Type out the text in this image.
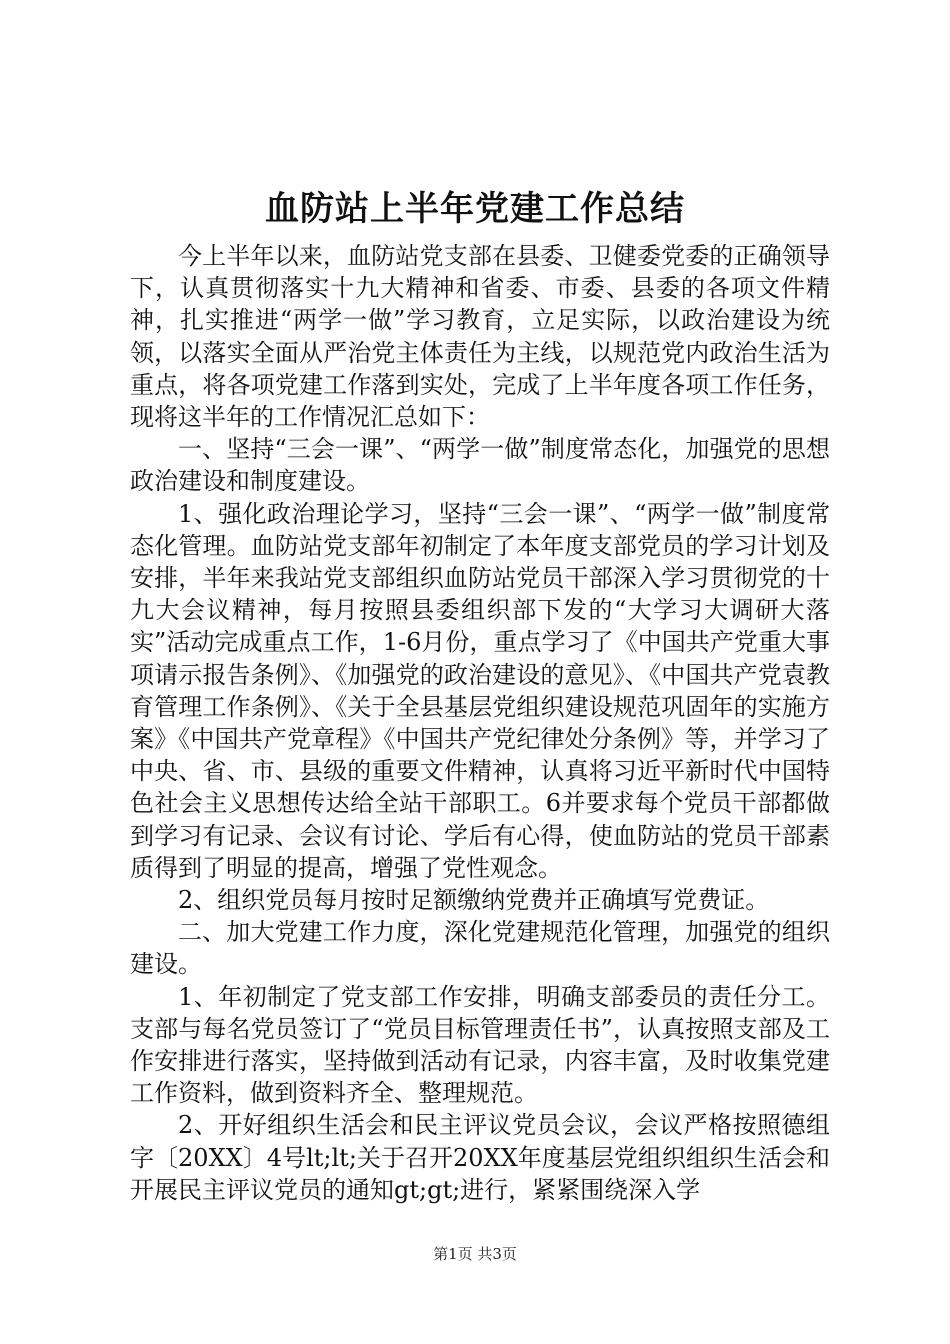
血防站上半年党建工作总结

今上半年以来，血防站党支部在县委、卫健委党委的正确领导下，认真贯彻落实十九大精神和省委、市委、县委的各项文件精神，扎实推进“两学一做”学习教育，立足实际，以政治建设为统领，以落实全面从严治党主体责任为主线，以规范党内政治生活为重点，将各项党建工作落到实处，完成了上半年度各项工作任务，现将这半年的工作情况汇总如下：

一、坚持“三会一课”、“两学一做”制度常态化，加强党的思想政治建设和制度建设。

1、强化政治理论学习，坚持“三会一课”、“两学一做”制度常态化管理。血防站党支部年初制定了本年度支部党员的学习计划及安排，半年来我站党支部组织血防站党员干部深入学习贯彻党的十九大会议精神，每月按照县委组织部下发的“大学习大调研大落实”活动完成重点工作，1-6月份，重点学习了《中国共产党重大事项请示报告条例》、《加强党的政治建设的意见》、《中国共产党袁教育管理工作条例》、《关于全县基层党组织建设规范巩固年的实施方案》《中国共产党章程》《中国共产党纪律处分条例》等，并学习了中央、省、市、县级的重要文件精神，认真将习近平新时代中国特色社会主义思想传达给全站干部职工。6并要求每个党员干部都做到学习有记录、会议有讨论、学后有心得，使血防站的党员干部素质得到了明显的提高，增强了党性观念。

2、组织党员每月按时足额缴纳党费并正确填写党费证。

二、加大党建工作力度，深化党建规范化管理，加强党的组织建设。

1、年初制定了党支部工作安排，明确支部委员的责任分工。支部与每名党员签订了“党员目标管理责任书”，认真按照支部及工作安排进行落实，坚持做到活动有记录，内容丰富，及时收集党建工作资料，做到资料齐全、整理规范。

2、开好组织生活会和民主评议党员会议，会议严格按照德组字〔20XX〕4号lt;lt;关于召开20XX年度基层党组织组织生活会和开展民主评议党员的通知gt;gt;进行，紧紧围绕深入学

第1页 共3页
